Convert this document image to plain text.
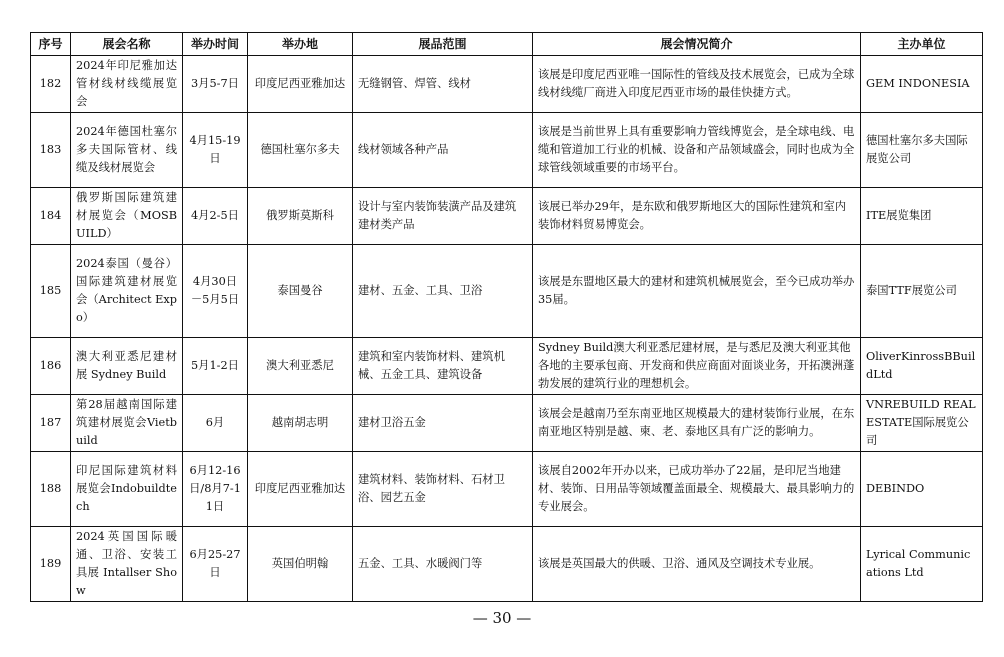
序号	展会名称	举办时间	举办地	展品范围	展会情况简介	主办单位
182	2024年印尼雅加达管材线材线缆展览会	3月5-7日	印度尼西亚雅加达	无缝钢管、焊管、线材	该展是印度尼西亚唯一国际性的管线及技术展览会，已成为全球线材线缆厂商进入印度尼西亚市场的最佳快捷方式。	GEM INDONESIA
183	2024年德国杜塞尔多夫国际管材、线缆及线材展览会	4月15-19日	德国杜塞尔多夫	线材领域各种产品	该展是当前世界上具有重要影响力管线博览会，是全球电线、电缆和管道加工行业的机械、设备和产品领域盛会，同时也成为全球管线领域重要的市场平台。	德国杜塞尔多夫国际展览公司
184	俄罗斯国际建筑建材展览会（MOSBUILD）	4月2-5日	俄罗斯莫斯科	设计与室内装饰装潢产品及建筑建材类产品	该展已举办29年，是东欧和俄罗斯地区大的国际性建筑和室内装饰材料贸易博览会。	ITE展览集团
185	2024泰国（曼谷）国际建筑建材展览会（Architect Expo）	4月30日－5月5日	泰国曼谷	建材、五金、工具、卫浴	该展是东盟地区最大的建材和建筑机械展览会，至今已成功举办35届。	泰国TTF展览公司
186	澳大利亚悉尼建材展 Sydney Build	5月1-2日	澳大利亚悉尼	建筑和室内装饰材料、建筑机械、五金工具、建筑设备	Sydney Build澳大利亚悉尼建材展，是与悉尼及澳大利亚其他各地的主要承包商、开发商和供应商面对面谈业务，开拓澳洲蓬勃发展的建筑行业的理想机会。	OliverKinrossBBuildLtd
187	第28届越南国际建筑建材展览会Vietbuild	6月	越南胡志明	建材卫浴五金	该展会是越南乃至东南亚地区规模最大的建材装饰行业展，在东南亚地区特别是越、柬、老、泰地区具有广泛的影响力。	VNREBUILD REAL ESTATE国际展览公司
188	印尼国际建筑材料展览会Indobuildtech	6月12-16日/8月7-11日	印度尼西亚雅加达	建筑材料、装饰材料、石材卫浴、园艺五金	该展自2002年开办以来，已成功举办了22届，是印尼当地建材、装饰、日用品等领域覆盖面最全、规模最大、最具影响力的专业展会。	DEBINDO
189	2024英国国际暖通、卫浴、安装工具展 Intallser Show	6月25-27日	英国伯明翰	五金、工具、水暖阀门等	该展是英国最大的供暖、卫浴、通风及空调技术专业展。	Lyrical Communications Ltd
— 30 —
